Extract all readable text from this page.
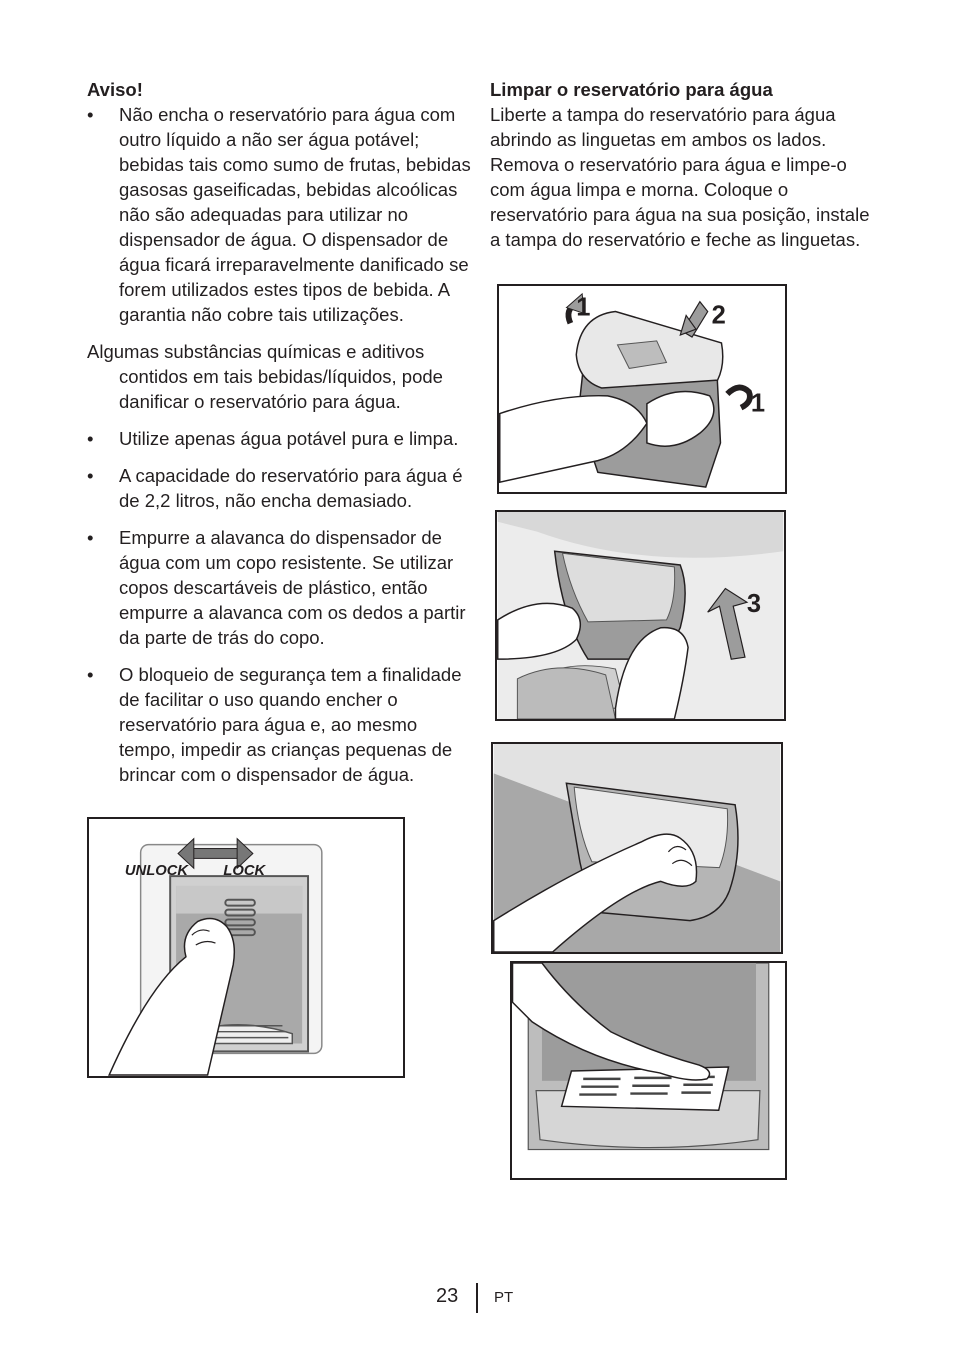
Aviso!

• Não encha o reservatório para água com outro líquido a não ser água potável; bebidas tais como sumo de frutas, bebidas gasosas gaseificadas, bebidas alcoólicas não são adequadas para utilizar no dispensador de água. O dispensador de água ficará irreparavelmente danificado se forem utilizados estes tipos de bebida. A garantia não cobre tais utilizações.

Algumas substâncias químicas e aditivos contidos em tais bebidas/líquidos, pode danificar o reservatório para água.

• Utilize apenas água potável pura e limpa.
• A capacidade do reservatório para água é de 2,2 litros, não encha demasiado.
• Empurre a alavanca do dispensador de água com um copo resistente. Se utilizar copos descartáveis de plástico, então empurre a alavanca com os dedos a partir da parte de trás do copo.
• O bloqueio de segurança tem a finalidade de facilitar o uso quando encher o reservatório para água e, ao mesmo tempo, impedir as crianças pequenas de brincar com o dispensador de água.
UNLOCK LOCK

Limpar o reservatório para água

Liberte a tampa do reservatório para água abrindo as linguetas em ambos os lados. Remova o reservatório para água e limpe-o com água limpa e morna. Coloque o reservatório para água na sua posição, instale a tampa do reservatório e feche as linguetas.

1	2
1
3
23 PT
